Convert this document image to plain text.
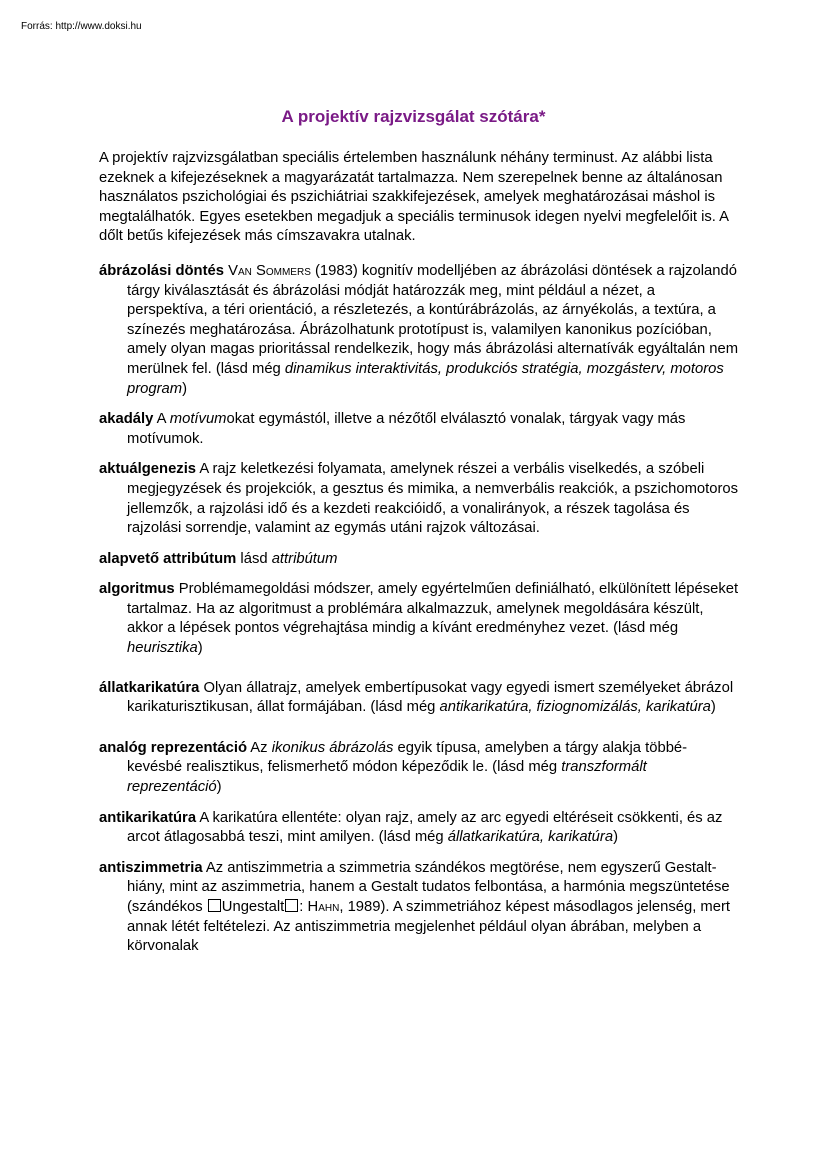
Forrás: http://www.doksi.hu
A projektív rajzvizsgálat szótára*

A projektív rajzvizsgálatban speciális értelemben használunk néhány terminust. Az alábbi lista ezeknek a kifejezéseknek a magyarázatát tartalmazza. Nem szerepelnek benne az általánosan használatos pszichológiai és pszichiátriai szakkifejezések, amelyek meghatározásai máshol is megtalálhatók. Egyes esetekben megadjuk a speciális terminusok idegen nyelvi megfelelőit is. A dőlt betűs kifejezések más címszavakra utalnak.

ábrázolási döntés Van Sommers (1983) kognitív modelljében az ábrázolási döntések a rajzolandó tárgy kiválasztását és ábrázolási módját határozzák meg, mint például a nézet, a perspektíva, a téri orientáció, a részletezés, a kontúrábrázolás, az árnyékolás, a textúra, a színezés meghatározása. Ábrázolhatunk prototípust is, valamilyen kanonikus pozícióban, amely olyan magas prioritással rendelkezik, hogy más ábrázolási alternatívák egyáltalán nem merülnek fel. (lásd még dinamikus interaktivitás, produkciós stratégia, mozgásterv, motoros program)

akadály A motívumokat egymástól, illetve a nézőtől elválasztó vonalak, tárgyak vagy más motívumok.

aktuálgenezis A rajz keletkezési folyamata, amelynek részei a verbális viselkedés, a szóbeli megjegyzések és projekciók, a gesztus és mimika, a nemverbális reakciók, a pszichomotoros jellemzők, a rajzolási idő és a kezdeti reakcióidő, a vonalirányok, a részek tagolása és rajzolási sorrendje, valamint az egymás utáni rajzok változásai.

alapvető attribútum lásd attribútum

algoritmus Problémamegoldási módszer, amely egyértelműen definiálható, elkülönített lépéseket tartalmaz. Ha az algoritmust a problémára alkalmazzuk, amelynek megoldására készült, akkor a lépések pontos végrehajtása mindig a kívánt eredményhez vezet. (lásd még heurisztika)

állatkarikatúra Olyan állatrajz, amelyek embertípusokat vagy egyedi ismert személyeket ábrázol karikaturisztikusan, állat formájában. (lásd még antikarikatúra, fiziognomizálás, karikatúra)

analóg reprezentáció Az ikonikus ábrázolás egyik típusa, amelyben a tárgy alakja többé-kevésbé realisztikus, felismerhető módon képeződik le. (lásd még transzformált reprezentáció)

antikarikatúra A karikatúra ellentéte: olyan rajz, amely az arc egyedi eltéréseit csökkenti, és az arcot átlagosabbá teszi, mint amilyen. (lásd még állatkarikatúra, karikatúra)

antiszimmetria Az antiszimmetria a szimmetria szándékos megtörése, nem egyszerű Gestalt-hiány, mint az aszimmetria, hanem a Gestalt tudatos felbontása, a harmónia megszüntetése (szándékos Ungestalt : Hahn, 1989). A szimmetriához képest másodlagos jelenség, mert annak létét feltételezi. Az antiszimmetria megjelenhet például olyan ábrában, melyben a körvonalak
